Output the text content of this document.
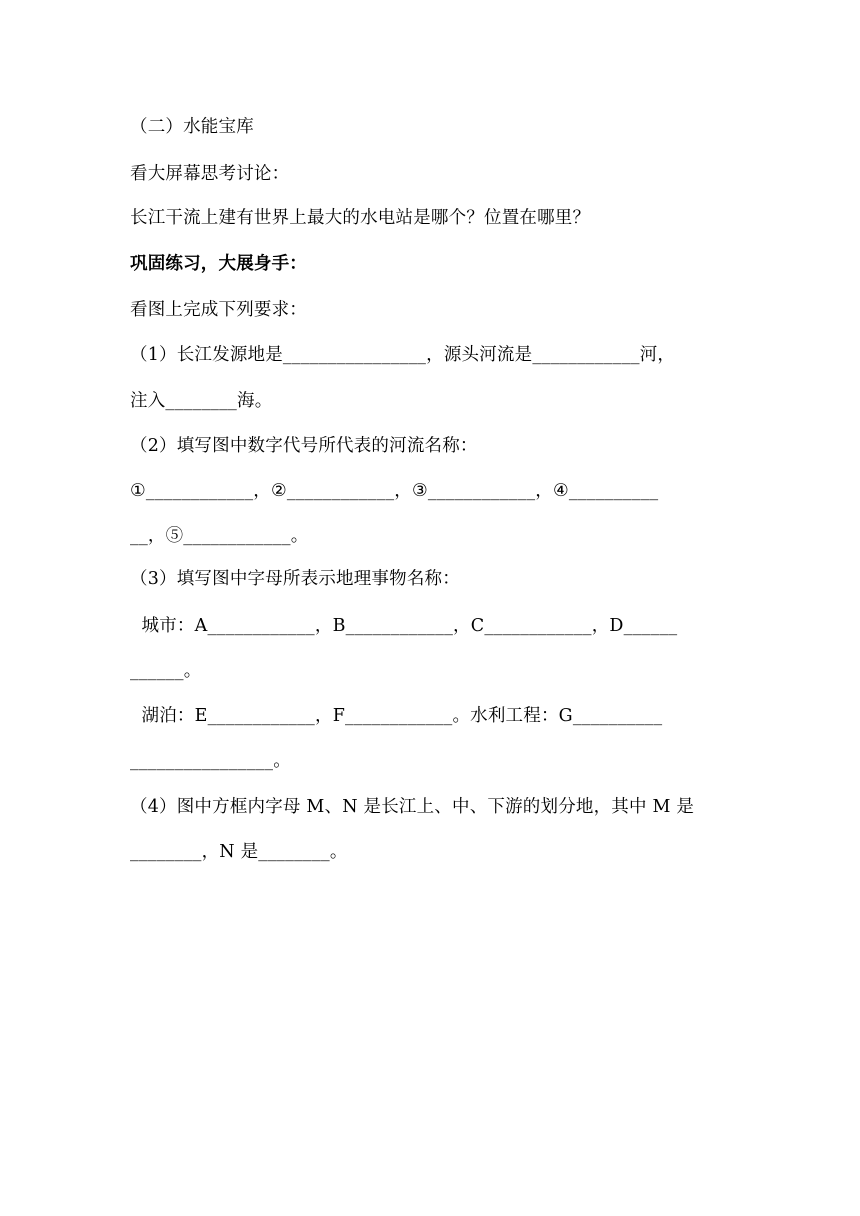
（二）水能宝库
看大屏幕思考讨论：
长江干流上建有世界上最大的水电站是哪个？位置在哪里？
巩固练习，大展身手：
看图上完成下列要求：
（1）长江发源地是________________，源头河流是____________河，
注入________海。
（2）填写图中数字代号所代表的河流名称：
①____________，②____________，③____________，④__________
__，⑤____________。
（3）填写图中字母所表示地理事物名称：
城市：A____________，B____________，C____________，D______
______。
湖泊：E____________，F____________。水利工程：G__________
________________。
（4）图中方框内字母 M、N 是长江上、中、下游的划分地，其中 M 是
________，N 是________。
